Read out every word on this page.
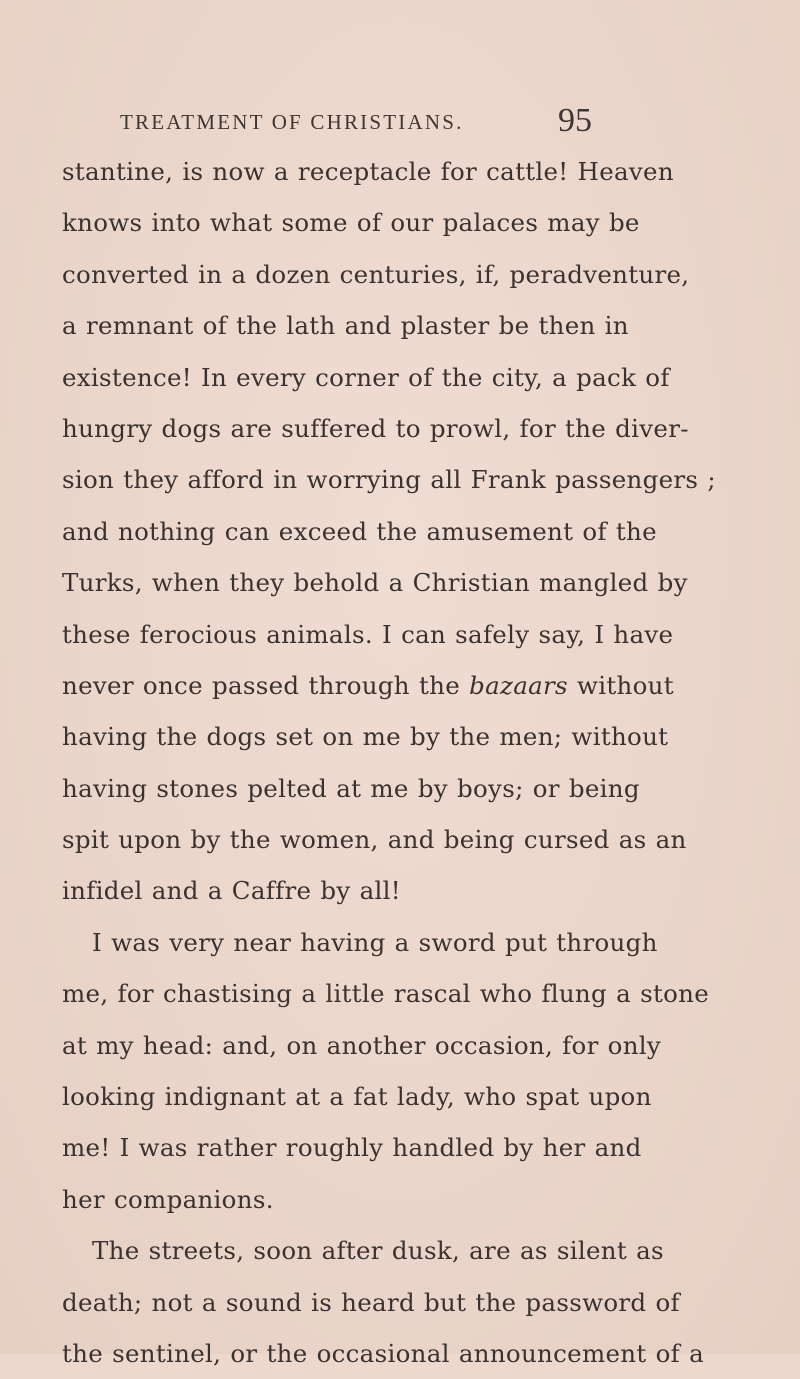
TREATMENT OF CHRISTIANS.	95
stantine, is now a receptacle for cattle! Heaven
knows into what some of our palaces may be
converted in a dozen centuries, if, peradventure,
a remnant of the lath and plaster be then in
existence! In every corner of the city, a pack of
hungry dogs are suffered to prowl, for the diver-
sion they afford in worrying all Frank passengers ;
and nothing can exceed the amusement of the
Turks, when they behold a Christian mangled by
these ferocious animals. I can safely say, I have
never once passed through the bazaars without
having the dogs set on me by the men; without
having stones pelted at me by boys; or being
spit upon by the women, and being cursed as an
infidel and a Caffre by all!
I was very near having a sword put through
me, for chastising a little rascal who flung a stone
at my head: and, on another occasion, for only
looking indignant at a fat lady, who spat upon
me! I was rather roughly handled by her and
her companions.
The streets, soon after dusk, are as silent as
death; not a sound is heard but the password of
the sentinel, or the occasional announcement of a
